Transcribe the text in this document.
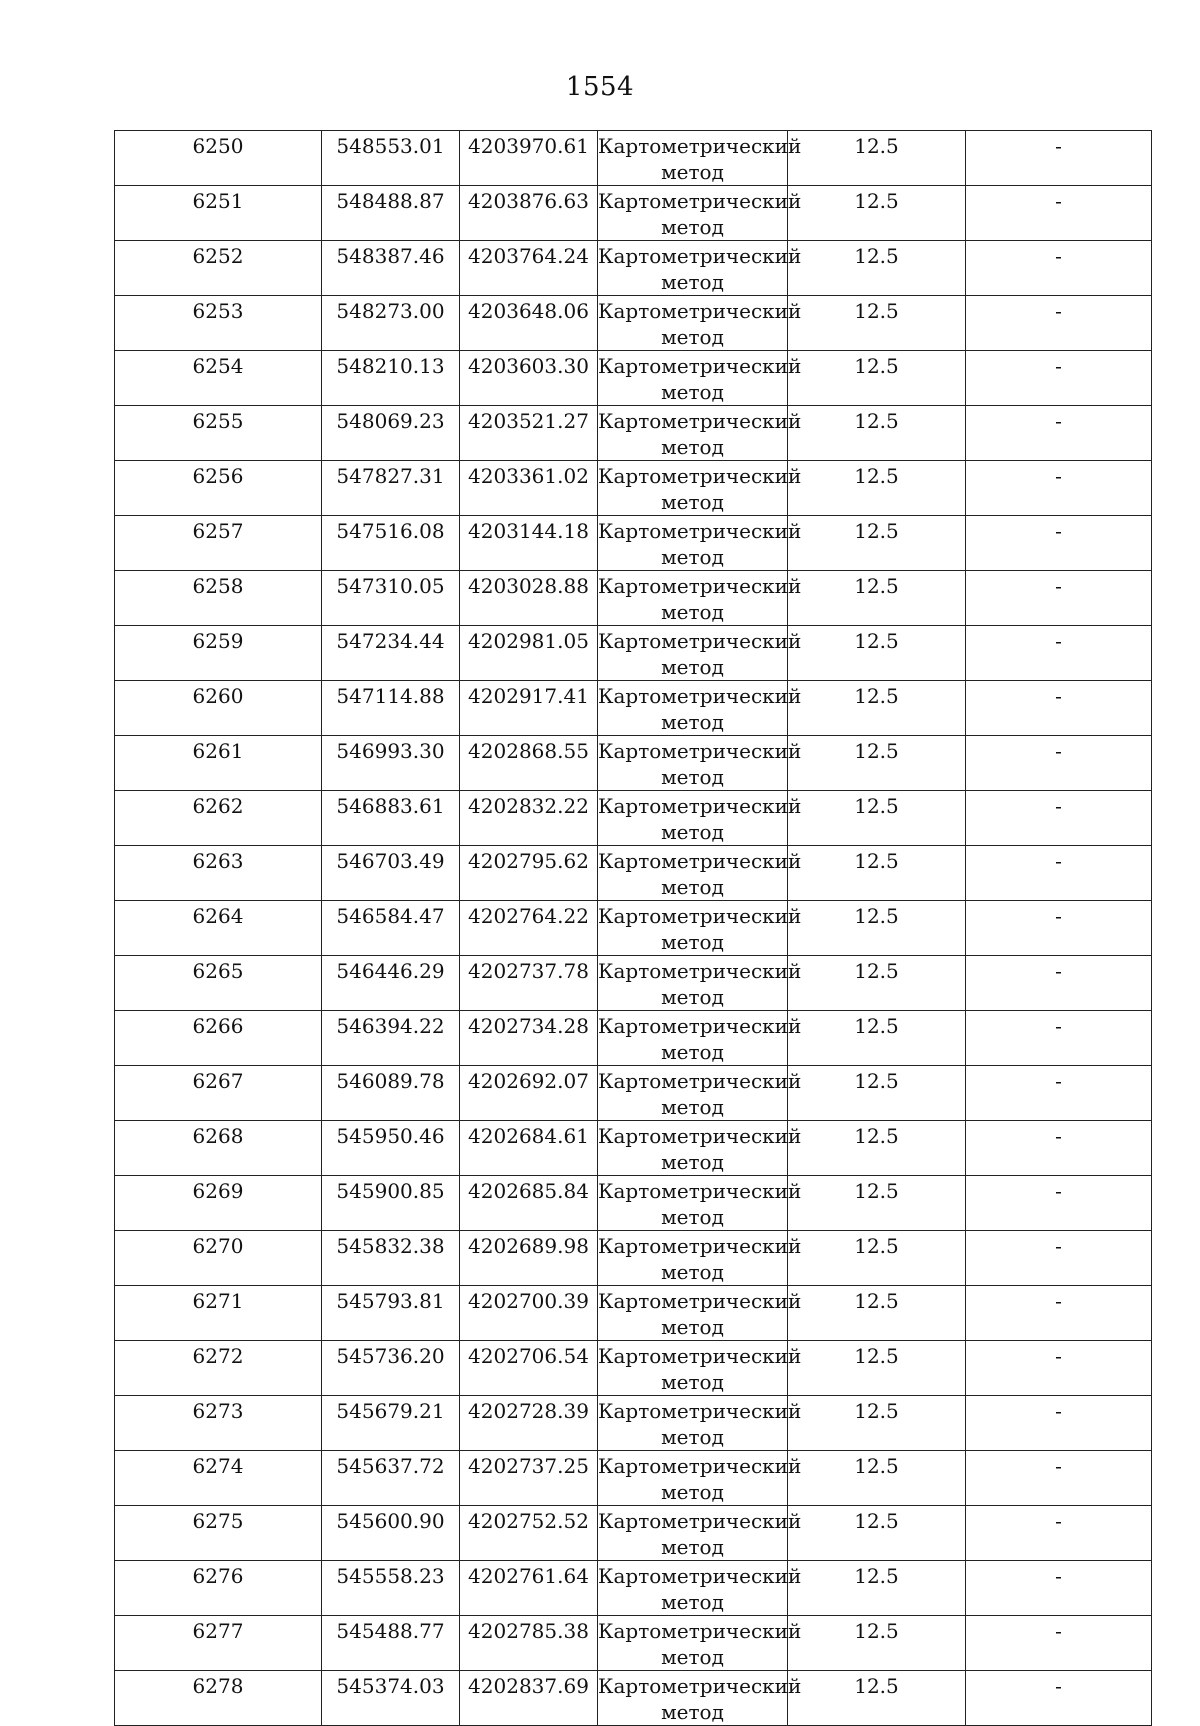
1554
6250	548553.01	4203970.61	Картометрический
метод	12.5	-

6251	548488.87	4203876.63	Картометрический
метод	12.5	-

6252	548387.46	4203764.24	Картометрический
метод	12.5	-

6253	548273.00	4203648.06	Картометрический
метод	12.5	-

6254	548210.13	4203603.30	Картометрический
метод	12.5	-

6255	548069.23	4203521.27	Картометрический
метод	12.5	-

6256	547827.31	4203361.02	Картометрический
метод	12.5	-

6257	547516.08	4203144.18	Картометрический
метод	12.5	-

6258	547310.05	4203028.88	Картометрический
метод	12.5	-

6259	547234.44	4202981.05	Картометрический
метод	12.5	-

6260	547114.88	4202917.41	Картометрический
метод	12.5	-

6261	546993.30	4202868.55	Картометрический
метод	12.5	-

6262	546883.61	4202832.22	Картометрический
метод	12.5	-

6263	546703.49	4202795.62	Картометрический
метод	12.5	-

6264	546584.47	4202764.22	Картометрический
метод	12.5	-

6265	546446.29	4202737.78	Картометрический
метод	12.5	-

6266	546394.22	4202734.28	Картометрический
метод	12.5	-

6267	546089.78	4202692.07	Картометрический
метод	12.5	-

6268	545950.46	4202684.61	Картометрический
метод	12.5	-

6269	545900.85	4202685.84	Картометрический
метод	12.5	-

6270	545832.38	4202689.98	Картометрический
метод	12.5	-

6271	545793.81	4202700.39	Картометрический
метод	12.5	-

6272	545736.20	4202706.54	Картометрический
метод	12.5	-

6273	545679.21	4202728.39	Картометрический
метод	12.5	-

6274	545637.72	4202737.25	Картометрический
метод	12.5	-

6275	545600.90	4202752.52	Картометрический
метод	12.5	-

6276	545558.23	4202761.64	Картометрический
метод	12.5	-

6277	545488.77	4202785.38	Картометрический
метод	12.5	-

6278	545374.03	4202837.69	Картометрический
метод	12.5	-
